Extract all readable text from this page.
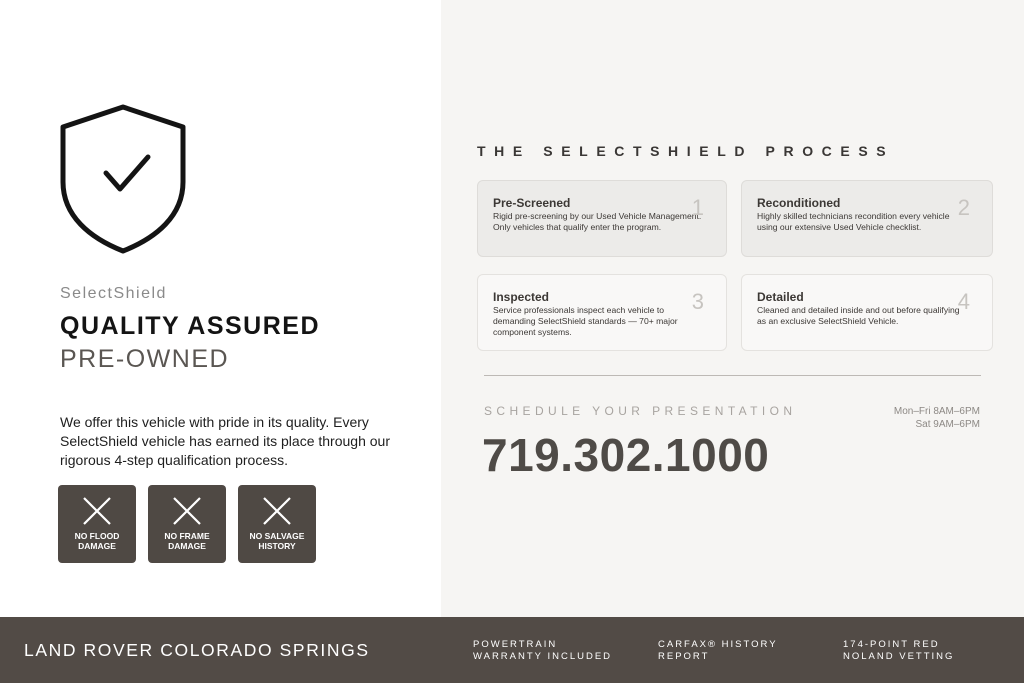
SelectShield
QUALITY ASSURED
PRE-OWNED
We offer this vehicle with pride in its quality. Every SelectShield vehicle has earned its place through our rigorous 4-step qualification process.
NO FLOOD
DAMAGE
NO FRAME
DAMAGE
NO SALVAGE
HISTORY
THE SELECTSHIELD PROCESS
Pre-Screened
Rigid pre-screening by our Used Vehicle Management. Only vehicles that qualify enter the program.
1	Reconditioned
Highly skilled technicians recondition every vehicle using our extensive Used Vehicle checklist.
2
Inspected
Service professionals inspect each vehicle to demanding SelectShield standards — 70+ major component systems.
3	Detailed
Cleaned and detailed inside and out before qualifying as an exclusive SelectShield Vehicle.
4
SCHEDULE YOUR PRESENTATION	Mon–Fri 8AM–6PM
Sat 9AM–6PM
719.302.1000
LAND ROVER COLORADO SPRINGS	POWERTRAIN
WARRANTY INCLUDED
CARFAX® HISTORY
REPORT
174-POINT RED
NOLAND VETTING
